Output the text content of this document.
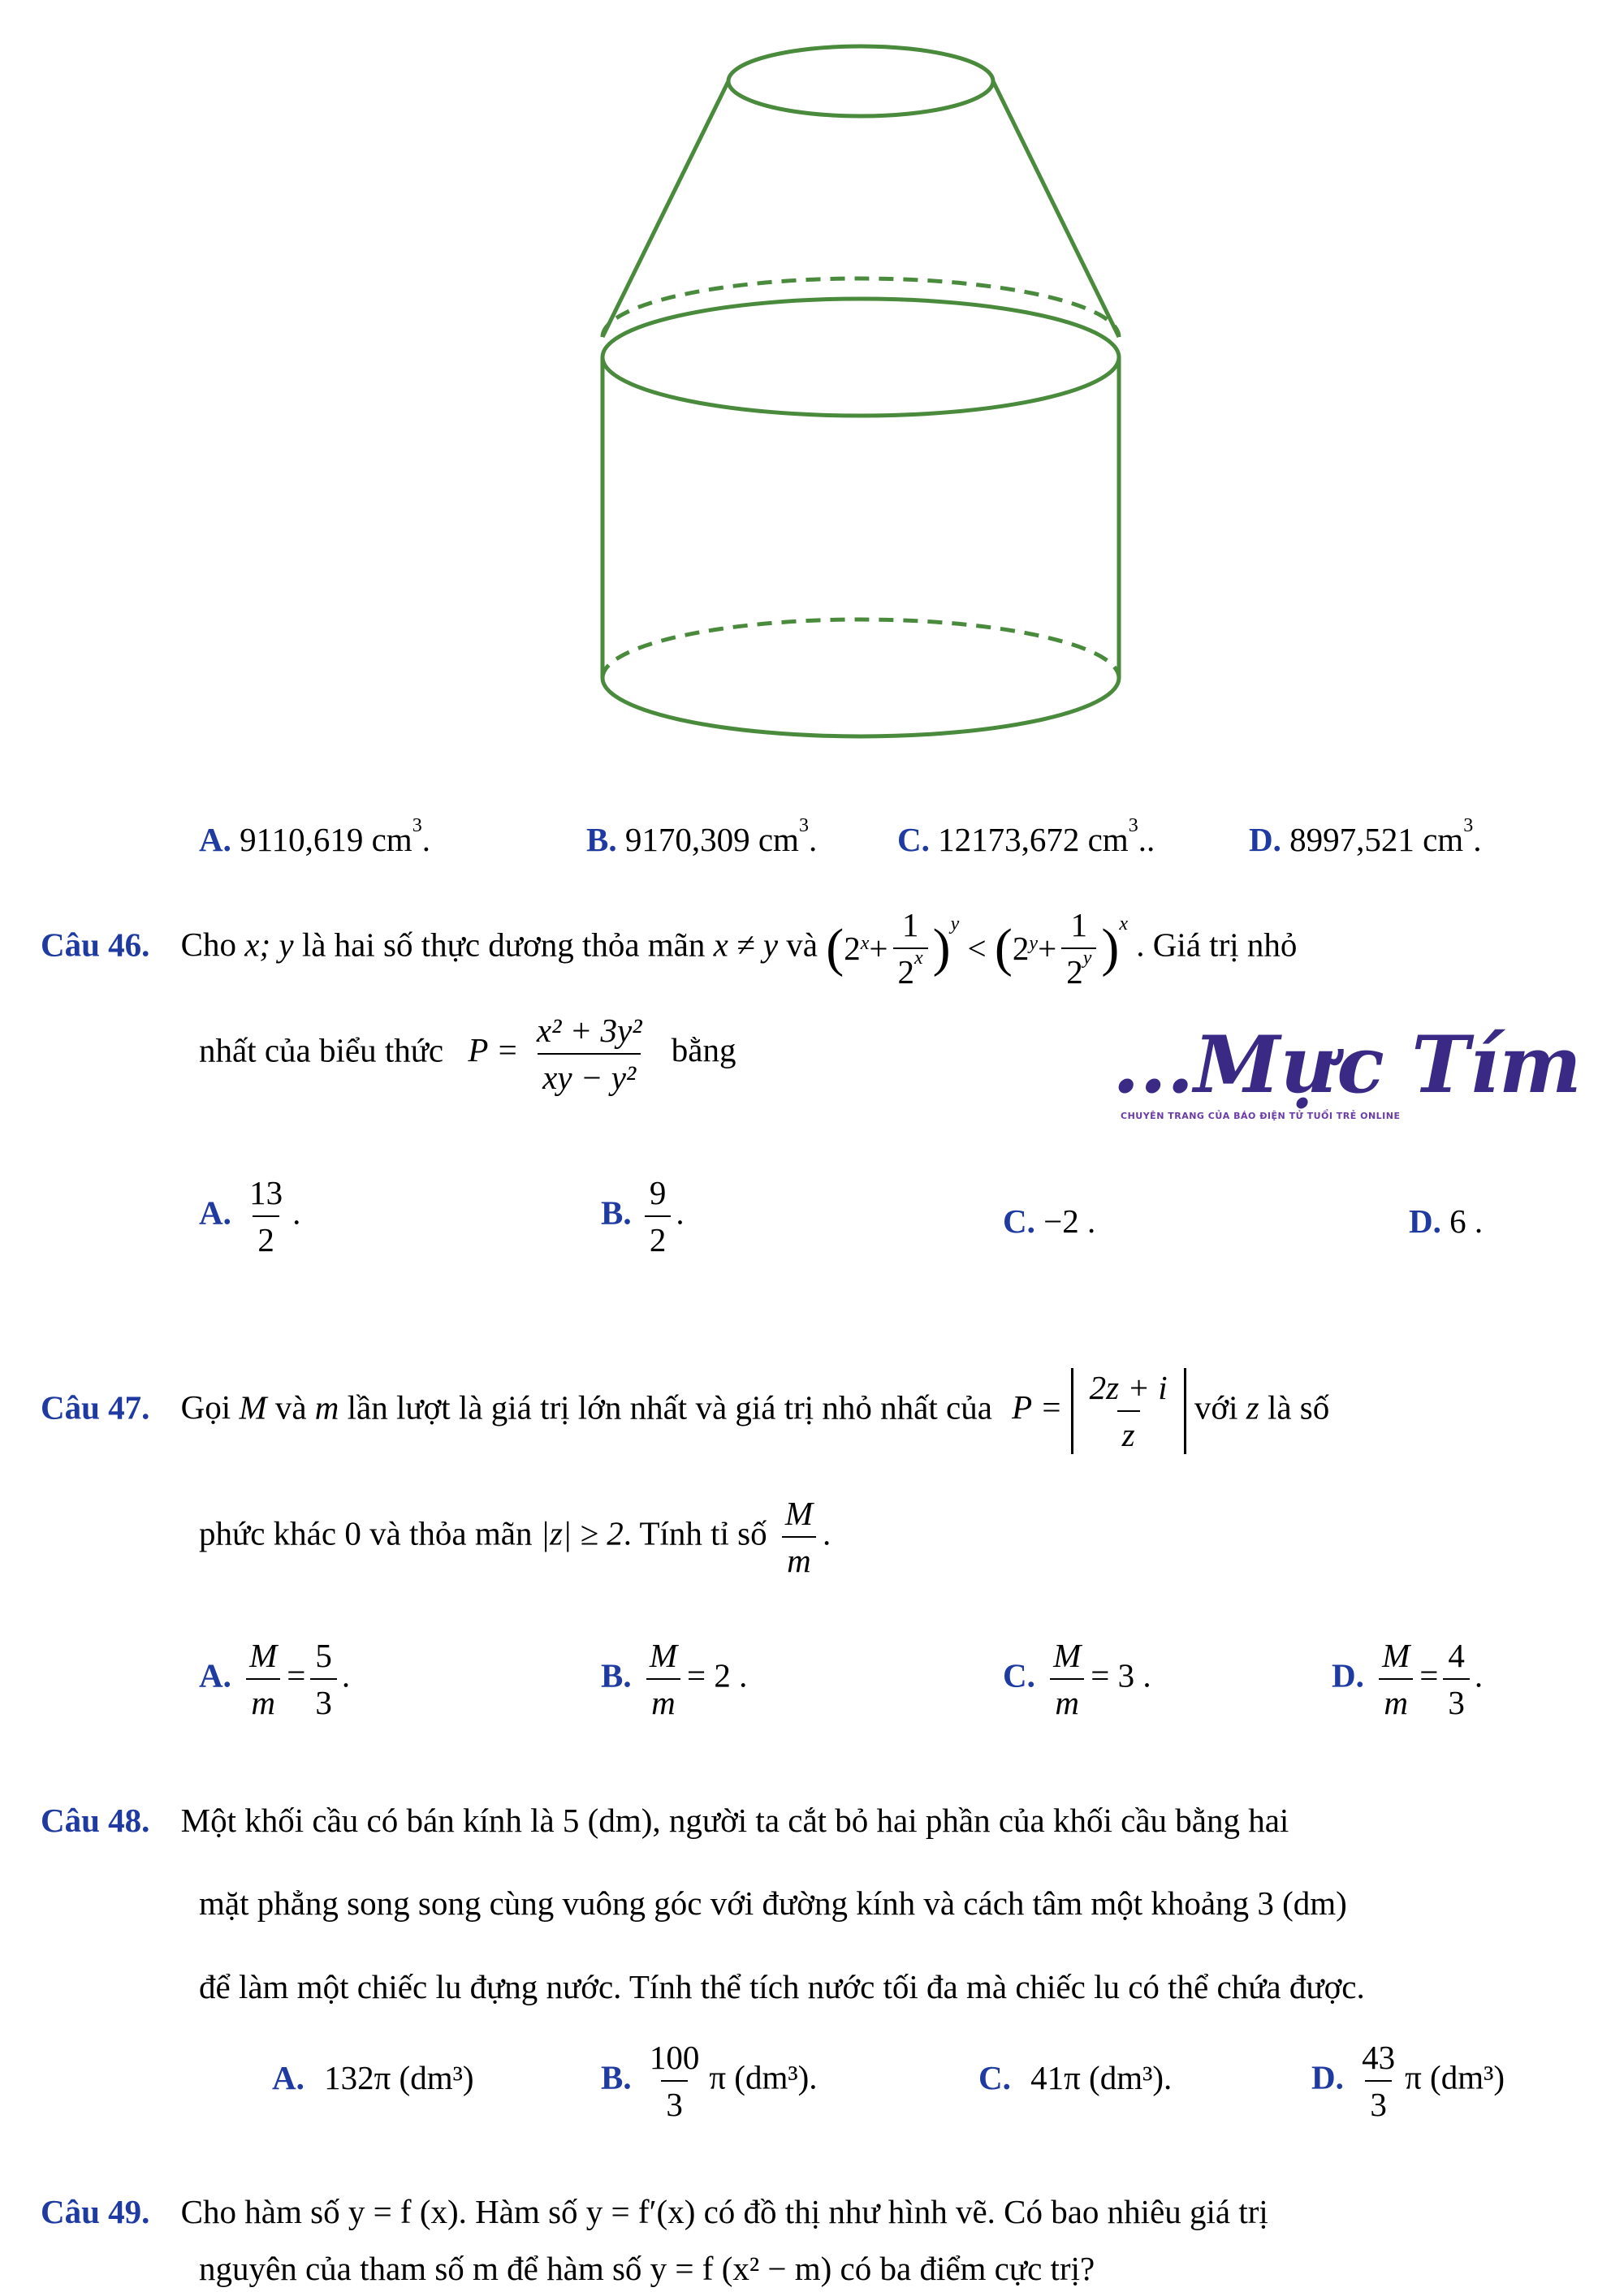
A. 9110,619 $cm^3$.	B. 9170,309 $cm^3$. C. 12173,672 $cm^3$..	D. 8997,521 $cm^3$.
Câu 46. Cho x; y là hai số thực dương thỏa mãn x ≠ y và ( $2^x + \frac{1}{2^x} )^y$
< ( $2^y + \frac{1}{2^y} )^x$
. Giá trị nhỏ
nhất của biểu thức $P = \frac{\text{x² + 3y²}}{\text{xy − y²}}$ bằng	...Mực Tím
CHUYÊN TRANG CỦA BÁO ĐIỆN TỬ TUỔI TRẺ ONLINE
A. $\frac{13}{2}$ .	B. $\frac{9}{2}$ .	C. −2 .	D. 6 .
Câu 47. Gọi M và m lần lượt là giá trị lớn nhất và giá trị nhỏ nhất của $P = \frac{2z + i}{z}$ với z là số
phức khác 0 và thỏa mãn |z| ≥ 2. Tính tỉ số $\frac{M}{m}$ .
A. $\frac{M}{m} = \frac{5}{3}$ .	B. $\frac{M}{m} = 2$ .	C. $\frac{M}{m} = 3$ .	D. $\frac{M}{m} = \frac{4}{3}$ .
Câu 48. Một khối cầu có bán kính là 5 (dm), người ta cắt bỏ hai phần của khối cầu bằng hai
mặt phẳng song song cùng vuông góc với đường kính và cách tâm một khoảng 3 (dm)
để làm một chiếc lu đựng nước. Tính thể tích nước tối đa mà chiếc lu có thể chứa được.
A. 132π (dm³)	B. $\frac{100}{3}$ π (dm³).	C. 41π (dm³).	D. $\frac{43}{3}$ π (dm³)
Câu 49. Cho hàm số y = f (x). Hàm số y = f′(x) có đồ thị như hình vẽ. Có bao nhiêu giá trị
nguyên của tham số m để hàm số y = f (x² − m) có ba điểm cực trị?
